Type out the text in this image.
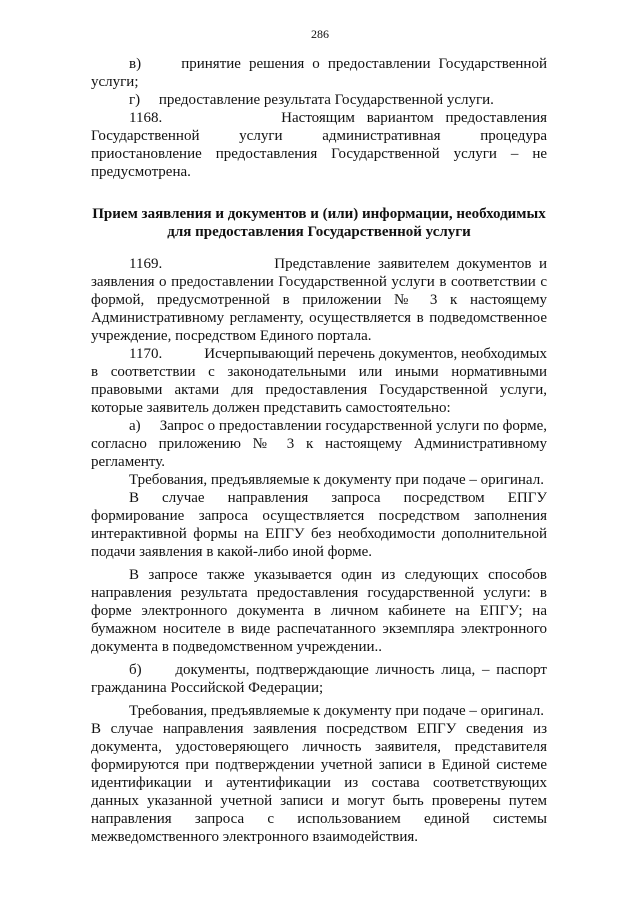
286

в)     принятие решения о предоставлении Государственной услуги;

г)     предоставление результата Государственной услуги.

1168.          Настоящим вариантом предоставления Государственной услуги административная процедура приостановление предоставления Государственной услуги – не предусмотрена.

Прием заявления и документов и (или) информации, необходимых для предоставления Государственной услуги

1169.               Представление заявителем документов и заявления о предоставлении Государственной услуги в соответствии с формой, предусмотренной в приложении № 3 к настоящему Административному регламенту, осуществляется в подведомственное учреждение, посредством Единого портала.

1170.           Исчерпывающий перечень документов, необходимых в соответствии с законодательными или иными нормативными правовыми актами для предоставления Государственной услуги, которые заявитель должен представить самостоятельно:

а)     Запрос о предоставлении государственной услуги по форме, согласно приложению № 3 к настоящему Административному регламенту.

Требования, предъявляемые к документу при подаче – оригинал.

В случае направления запроса посредством ЕПГУ формирование запроса осуществляется посредством заполнения интерактивной формы на ЕПГУ без необходимости дополнительной подачи заявления в какой-либо иной форме.

В запросе также указывается один из следующих способов направления результата предоставления государственной услуги: в форме электронного документа в личном кабинете на ЕПГУ; на бумажном носителе в виде распечатанного экземпляра электронного документа в подведомственном учреждении..

б)     документы, подтверждающие личность лица, – паспорт гражданина Российской Федерации;

Требования, предъявляемые к документу при подаче – оригинал.

В случае направления заявления посредством ЕПГУ сведения из документа, удостоверяющего личность заявителя, представителя формируются при подтверждении учетной записи в Единой системе идентификации и аутентификации из состава соответствующих данных указанной учетной записи и могут быть проверены путем направления запроса с использованием единой системы межведомственного электронного взаимодействия.
